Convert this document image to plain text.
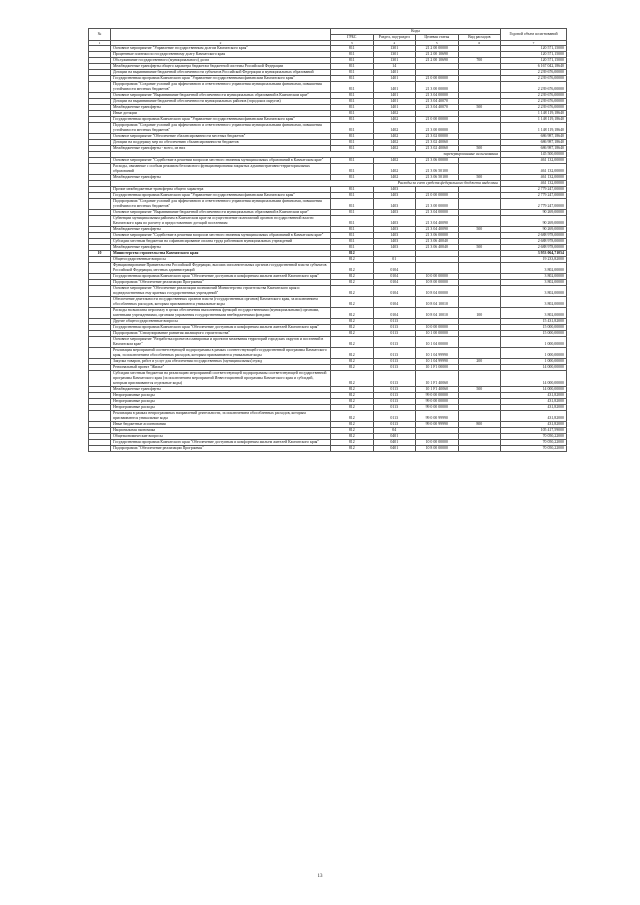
№		Коды				Годовой объем ассигнований
		ГРБС	Раздел, под-раздел	Целевая статья	Вид расходов	
1	2	3	4	5	6	7
	Основное мероприятие "Управление государственным долгом Камчатского края"	811	1301	21 2 00 00000		120 571,15000
	Процентные платежи по государственному долгу Камчатского края	811	1301	21 2 00 10690		120 571,15000
	Обслуживание государственного (муниципального) долга	811	1301	21 2 00 10690	700	120 571,15000
	Межбюджетные трансферты общего характера бюджетам бюджетной системы Российской Федерации	811	14			6 167 042,18640
	Дотации на выравнивание бюджетной обеспеченности субъектов Российской Федерации и муниципальных образований	811	1401			2 239 676,00000
	Государственная программа Камчатского края "Управление государственными финансами Камчатского края"	811	1401	21 0 00 00000		2 239 676,00000
	Подпрограмма "Создание условий для эффективного и ответственного управления муниципальными финансами, повышения устойчивости местных бюджетов"	811	1401	21 3 00 00000		2 239 676,00000
	Основное мероприятие "Выравнивание бюджетной обеспеченности муниципальных образований в Камчатском крае"	811	1401	21 3 04 00000		2 239 676,00000
	Дотации на выравнивание бюджетной обеспеченности муниципальных районов (городских округов)	811	1401	21 3 04 40070		2 239 676,00000
	Межбюджетные трансферты	811	1401	21 3 04 40070	500	2 239 676,00000
	Иные дотации	811	1402			1 148 119,18640
	Государственная программа Камчатского края "Управление государственными финансами Камчатского края"	811	1402	21 0 00 00000		1 148 119,18640
	Подпрограмма "Создание условий для эффективного и ответственного управления муниципальными финансами, повышения устойчивости местных бюджетов"	811	1402	21 3 00 00000		1 148 119,18640
	Основное мероприятие "Обеспечение сбалансированности местных бюджетов"	811	1402	21 3 02 00000		686 987,18640
	Дотации на поддержку мер по обеспечению сбалансированности бюджетов	811	1402	21 3 02 40060		686 987,18640
	Межбюджетные трансферты - всего, из них	811	1402	21 3 02 40060	500	686 987,18640
	зарезервированные ассигнования					145 500,00000
	Основное мероприятие "Содействие в решении вопросов местного значения муниципальных образований в Камчатском крае"	811	1402	21 3 06 00000		461 132,00000
	Расходы, связанные с особым режимом безопасного функционирования закрытых административно-территориальных образований	811	1402	21 3 06 50100		461 132,00000
	Межбюджетные трансферты	811	1402	21 3 06 50100	500	461 132,00000
	Расходы за счет средств федерального бюджета выделены					461 132,00000
	Прочие межбюджетные трансферты общего характера	811	1403			2 779 247,00000
	Государственная программа Камчатского края "Управление государственными финансами Камчатского края"	811	1403	21 0 00 00000		2 779 247,00000
	Подпрограмма "Создание условий для эффективного и ответственного управления муниципальными финансами, повышения устойчивости местных бюджетов"	811	1403	21 3 00 00000		2 779 247,00000
	Основное мероприятие "Выравнивание бюджетной обеспеченности муниципальных образований в Камчатском крае"	811	1403	21 3 04 00000		90 269,00000
	Субвенции муниципальным районам в Камчатском крае на осуществление полномочий органов государственной власти Камчатского края по расчету и предоставлению дотаций поселениям	811	1403	21 3 04 40090		90 269,00000
	Межбюджетные трансферты	811	1403	21 3 04 40090	500	90 269,00000
	Основное мероприятие "Содействие в решении вопросов местного значения муниципальных образований в Камчатском крае"	811	1403	21 3 06 00000		2 688 978,00000
	Субсидии местным бюджетам на софинансирование оплаты труда работников муниципальных учреждений	811	1403	21 3 06 40040		2 688 978,00000
	Межбюджетные трансферты	811	1403	21 3 06 40040	500	2 688 978,00000
10	Министерство строительства Камчатского края	812				3 953 064,71054
	Общегосударственные вопросы	812	01			19 233,82000
	Функционирование Правительства Российской Федерации, высших исполнительных органов государственной власти субъектов Российской Федерации, местных администраций	812	0104			3 802,00000
	Государственная программа Камчатского края "Обеспечение доступным и комфортным жильем жителей Камчатского края"	812	0104	10 0 00 00000		3 802,00000
	Подпрограмма "Обеспечение реализации Программы"	812	0104	10 8 00 00000		3 802,00000
	Основное мероприятие "Обеспечение реализации полномочий Министерства строительства Камчатского края и подведомственных ему краевых государственных учреждений"	812	0104	10 8 04 00000		3 802,00000
	Обеспечение деятельности государственных органов власти (государственных органов) Камчатского края, за исключением обособленных расходов, которым присваиваются уникальные коды	812	0104	10 8 04 10010		3 802,00000
	Расходы на выплаты персоналу в целях обеспечения выполнения функций государственными (муниципальными) органами, казенными учреждениями, органами управления государственными внебюджетными фондами	812	0104	10 8 04 10010	100	3 802,00000
	Другие общегосударственные вопросы	812	0113			15 431,82000
	Государственная программа Камчатского края "Обеспечение доступным и комфортным жильем жителей Камчатского края"	812	0113	10 0 00 00000		15 000,00000
	Подпрограмма "Стимулирование развития жилищного строительства"	812	0113	10 1 00 00000		15 000,00000
	Основное мероприятие "Разработка проектов планировки и проектов межевания территорий городских округов и поселений в Камчатском крае"	812	0113	10 1 04 00000		1 000,00000
	Реализация мероприятий соответствующей подпрограммы в рамках соответствующей государственной программы Камчатского края, за исключением обособленных расходов, которым присваиваются уникальные коды	812	0113	10 1 04 99990		1 000,00000
	Закупка товаров, работ и услуг для обеспечения государственных (муниципальных) нужд	812	0113	10 1 04 99990	200	1 000,00000
	Региональный проект "Жилье"	812	0113	10 1 F1 00000		14 000,00000
	Субсидии местным бюджетам на реализацию мероприятий соответствующей подпрограммы соответствующей государственной программы Камчатского края (за исключением мероприятий Инвестиционной программы Камчатского края и субсидий, которым присваиваются отдельные коды)	812	0113	10 1 F1 40060		14 000,00000
	Межбюджетные трансферты	812	0113	10 1 F1 40060	500	14 000,00000
	Непрограммные расходы	812	0113	99 0 00 00000		431,82000
	Непрограммные расходы	812	0113	99 0 00 00000		431,82000
	Непрограммные расходы	812	0113	99 0 00 00000		431,82000
	Реализация в рамках непрограммных направлений деятельности, за исключением обособленных расходов, которым присваиваются уникальные коды	812	0113	99 0 00 99990		431,82000
	Иные бюджетные ассигнования	812	0113	99 0 00 99990	800	431,82000
	Национальная экономика	812	04			105 417,59000
	Общеэкономические вопросы	812	0401			70 050,22000
	Государственная программа Камчатского края "Обеспечение доступным и комфортным жильем жителей Камчатского края"	812	0401	10 0 00 00000		70 050,22000
	Подпрограмма "Обеспечение реализации Программы"	812	0401	10 8 00 00000		70 050,22000
13
